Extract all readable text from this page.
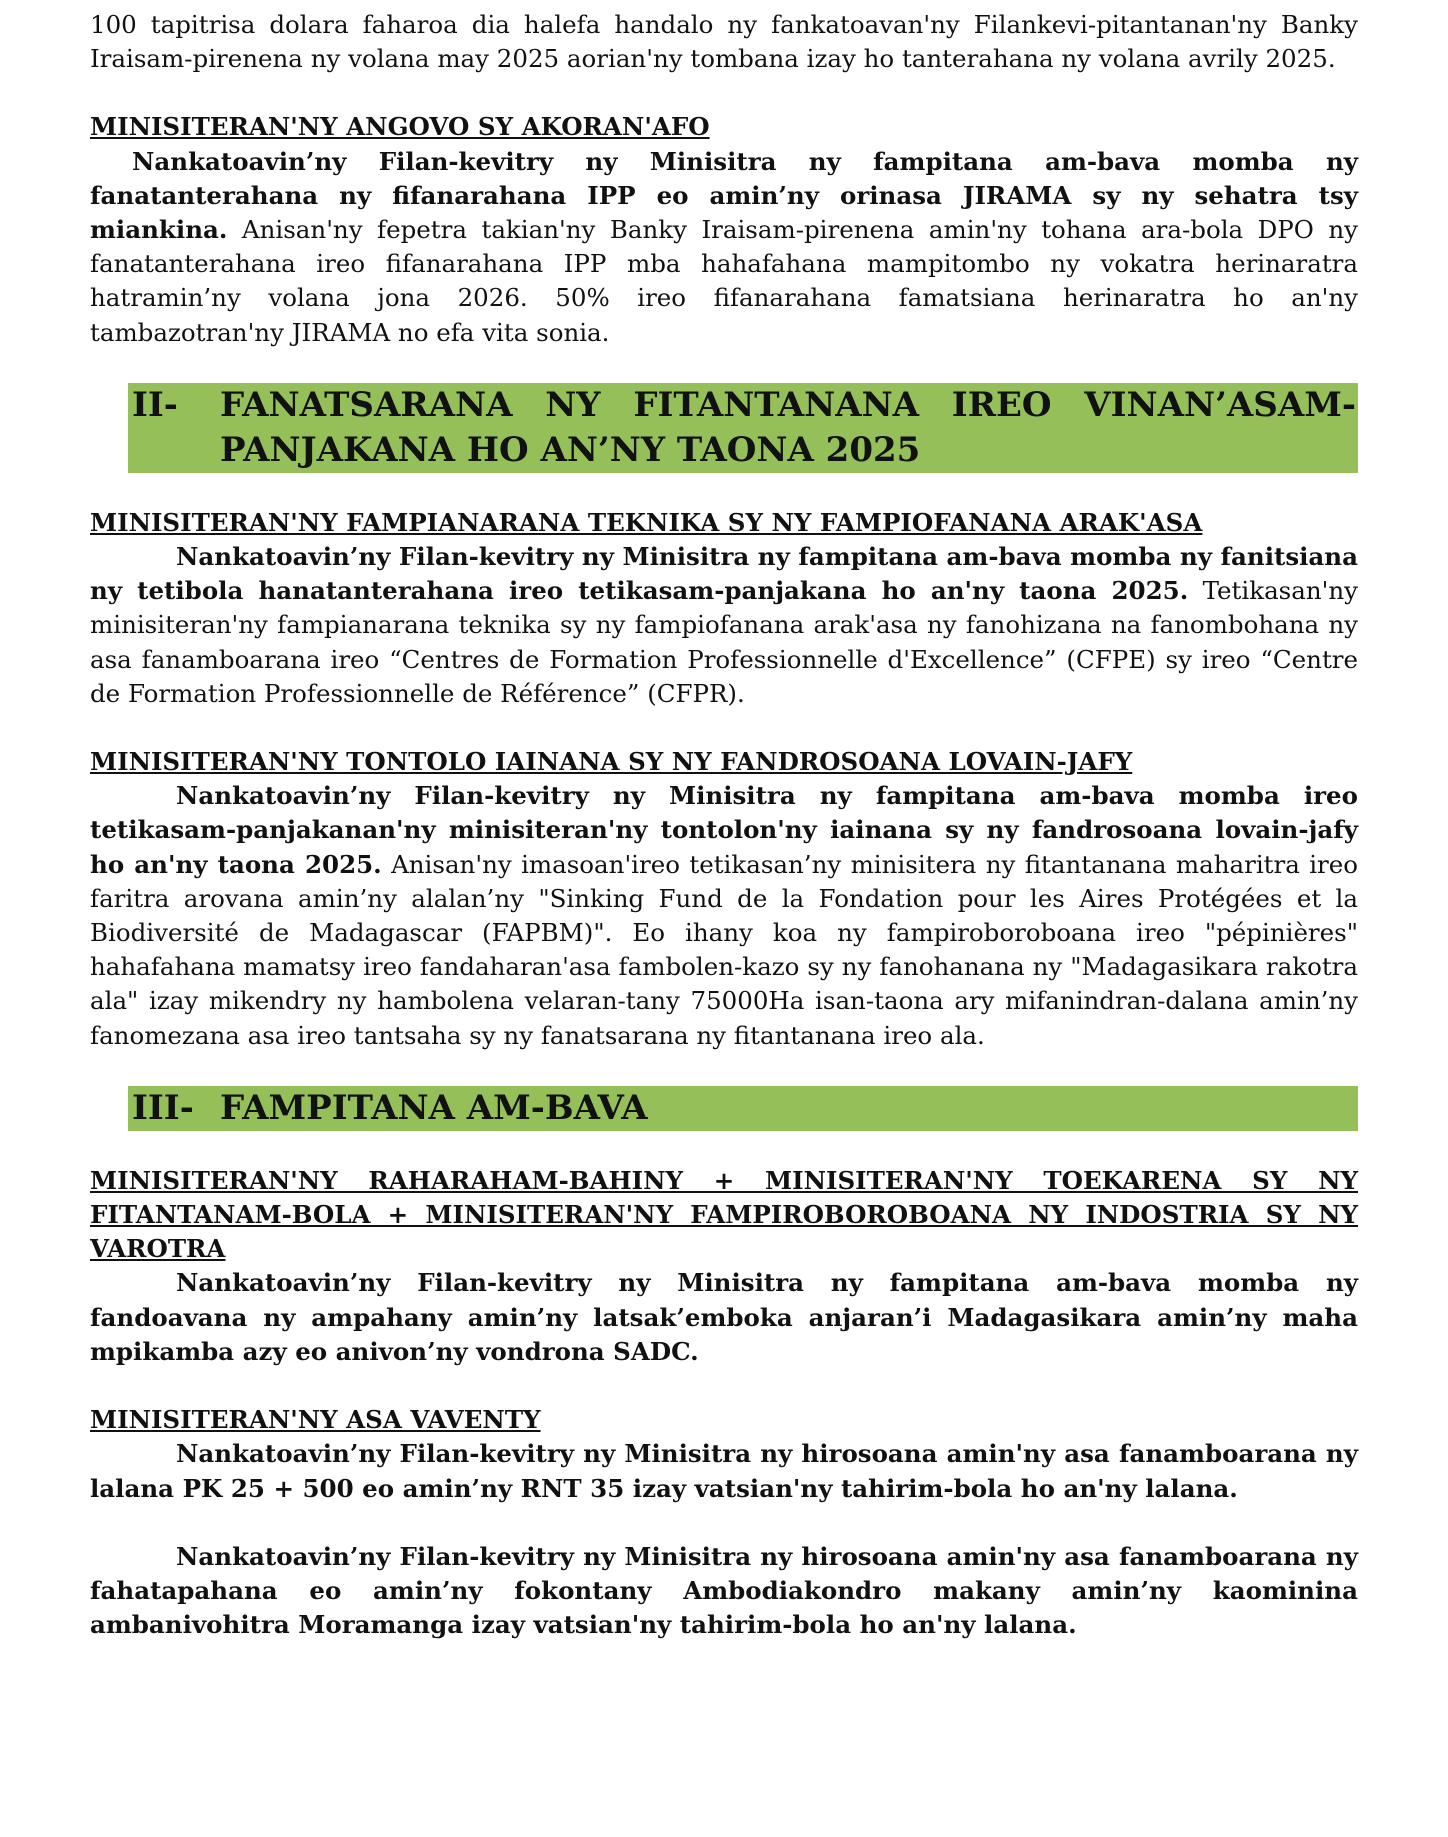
100 tapitrisa dolara faharoa dia halefa handalo ny fankatoavan'ny Filankevi-pitantanan'ny Banky Iraisam-pirenena ny volana may 2025 aorian'ny tombana izay ho tanterahana ny volana avrily 2025.

MINISITERAN'NY ANGOVO SY AKORAN'AFO

Nankatoavin’ny Filan-kevitry ny Minisitra ny fampitana am-bava momba ny fanatanterahana ny fifanarahana IPP eo amin’ny orinasa JIRAMA sy ny sehatra tsy miankina. Anisan'ny fepetra takian'ny Banky Iraisam-pirenena amin'ny tohana ara-bola DPO ny fanatanterahana ireo fifanarahana IPP mba hahafahana mampitombo ny vokatra herinaratra hatramin’ny volana jona 2026. 50% ireo fifanarahana famatsiana herinaratra ho an'ny tambazotran'ny JIRAMA no efa vita sonia.

II-	FANATSARANA NY FITANTANANA IREO VINAN’ASAM-PANJAKANA HO AN’NY TAONA 2025

MINISITERAN'NY FAMPIANARANA TEKNIKA SY NY FAMPIOFANANA ARAK'ASA

Nankatoavin’ny Filan-kevitry ny Minisitra ny fampitana am-bava momba ny fanitsiana ny tetibola hanatanterahana ireo tetikasam-panjakana ho an'ny taona 2025. Tetikasan'ny minisiteran'ny fampianarana teknika sy ny fampiofanana arak'asa ny fanohizana na fanombohana ny asa fanamboarana ireo “Centres de Formation Professionnelle d'Excellence” (CFPE) sy ireo “Centre de Formation Professionnelle de Référence” (CFPR).

MINISITERAN'NY TONTOLO IAINANA SY NY FANDROSOANA LOVAIN-JAFY

Nankatoavin’ny Filan-kevitry ny Minisitra ny fampitana am-bava momba ireo tetikasam-panjakanan'ny minisiteran'ny tontolon'ny iainana sy ny fandrosoana lovain-jafy ho an'ny taona 2025. Anisan'ny imasoan'ireo tetikasan’ny minisitera ny fitantanana maharitra ireo faritra arovana amin’ny alalan’ny "Sinking Fund de la Fondation pour les Aires Protégées et la Biodiversité de Madagascar (FAPBM)". Eo ihany koa ny fampiroboroboana ireo "pépinières" hahafahana mamatsy ireo fandaharan'asa fambolen-kazo sy ny fanohanana ny "Madagasikara rakotra ala" izay mikendry ny hambolena velaran-tany 75000Ha isan-taona ary mifanindran-dalana amin’ny fanomezana asa ireo tantsaha sy ny fanatsarana ny fitantanana ireo ala.

III- FAMPITANA AM-BAVA

MINISITERAN'NY RAHARAHAM-BAHINY + MINISITERAN'NY TOEKARENA SY NY FITANTANAM-BOLA + MINISITERAN'NY FAMPIROBOROBOANA NY INDOSTRIA SY NY VAROTRA

Nankatoavin’ny Filan-kevitry ny Minisitra ny fampitana am-bava momba ny fandoavana ny ampahany amin’ny latsak’emboka anjaran’i Madagasikara amin’ny maha mpikamba azy eo anivon’ny vondrona SADC.

MINISITERAN'NY ASA VAVENTY

Nankatoavin’ny Filan-kevitry ny Minisitra ny hirosoana amin'ny asa fanamboarana ny lalana PK 25 + 500 eo amin’ny RNT 35 izay vatsian'ny tahirim-bola ho an'ny lalana.

Nankatoavin’ny Filan-kevitry ny Minisitra ny hirosoana amin'ny asa fanamboarana ny fahatapahana eo amin’ny fokontany Ambodiakondro makany amin’ny kaominina ambanivohitra Moramanga izay vatsian'ny tahirim-bola ho an'ny lalana.
